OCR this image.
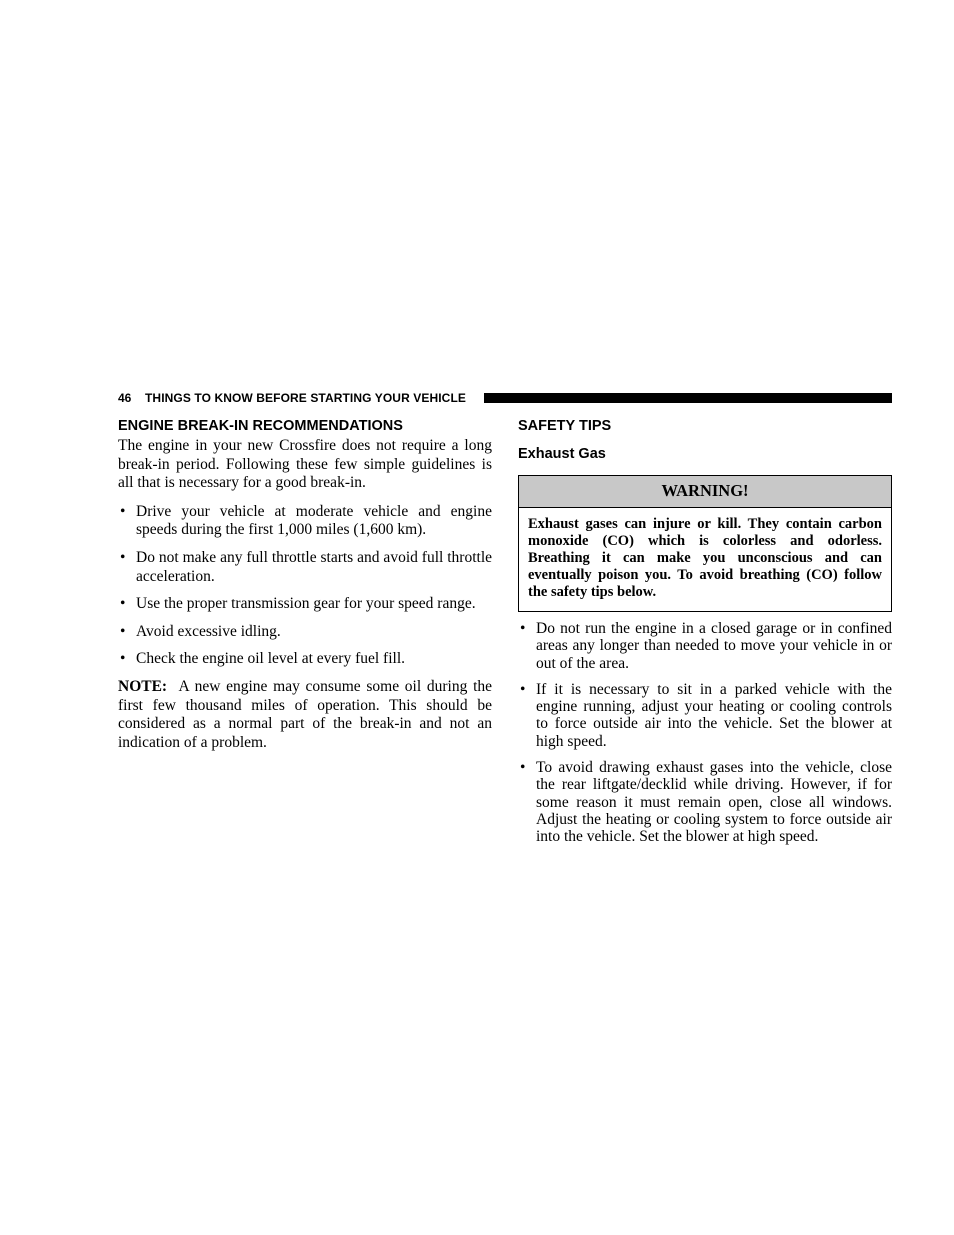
46 THINGS TO KNOW BEFORE STARTING YOUR VEHICLE
ENGINE BREAK-IN RECOMMENDATIONS

The engine in your new Crossfire does not require a long break-in period. Following these few simple guidelines is all that is necessary for a good break-in.

• Drive your vehicle at moderate vehicle and engine speeds during the first 1,000 miles (1,600 km).
• Do not make any full throttle starts and avoid full throttle acceleration.
• Use the proper transmission gear for your speed range.
• Avoid excessive idling.
• Check the engine oil level at every fuel fill.

NOTE: A new engine may consume some oil during the first few thousand miles of operation. This should be considered as a normal part of the break-in and not an indication of a problem.

SAFETY TIPS
Exhaust Gas
WARNING!
Exhaust gases can injure or kill. They contain carbon monoxide (CO) which is colorless and odorless. Breathing it can make you unconscious and can eventually poison you. To avoid breathing (CO) follow the safety tips below.
• Do not run the engine in a closed garage or in confined areas any longer than needed to move your vehicle in or out of the area.
• If it is necessary to sit in a parked vehicle with the engine running, adjust your heating or cooling controls to force outside air into the vehicle. Set the blower at high speed.
• To avoid drawing exhaust gases into the vehicle, close the rear liftgate/decklid while driving. However, if for some reason it must remain open, close all windows. Adjust the heating or cooling system to force outside air into the vehicle. Set the blower at high speed.
